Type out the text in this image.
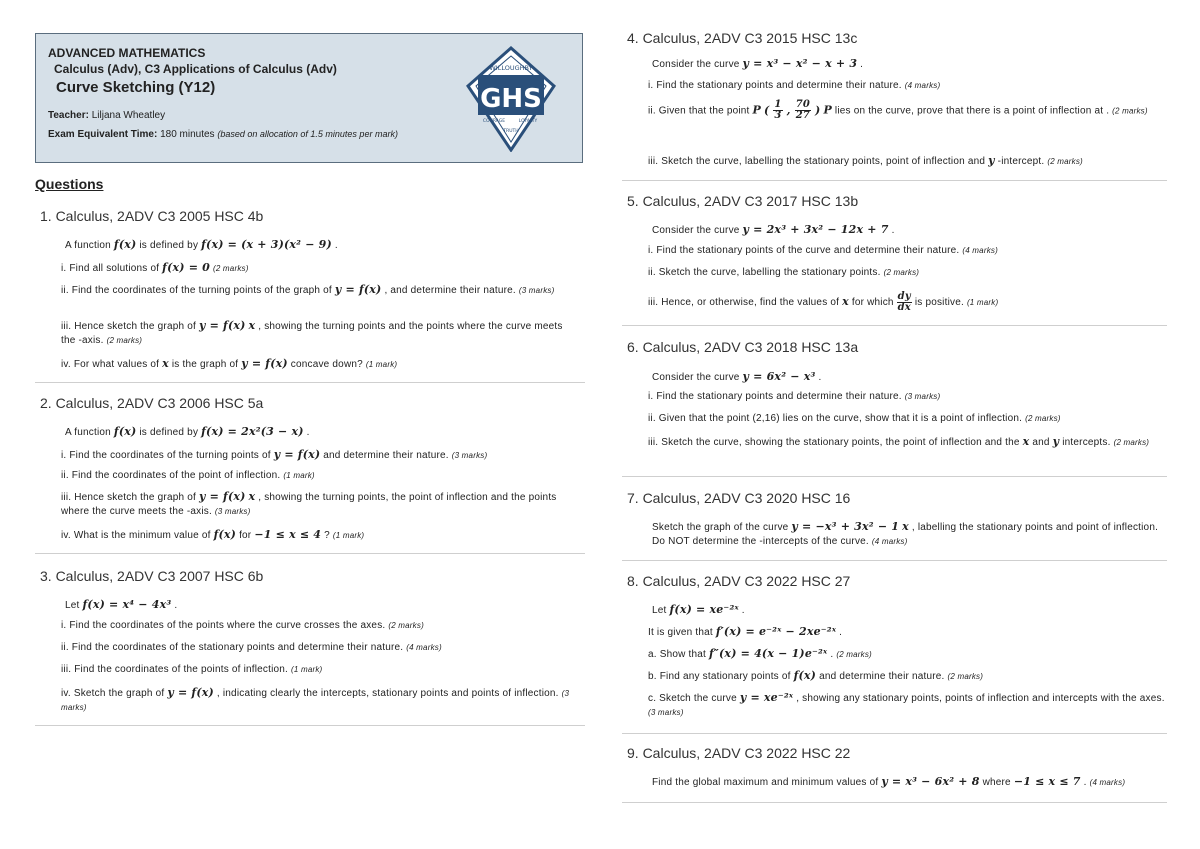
ADVANCED MATHEMATICS
Calculus (Adv), C3 Applications of Calculus (Adv)
Curve Sketching (Y12)
Teacher: Liljana Wheatley
Exam Equivalent Time: 180 minutes (based on allocation of 1.5 minutes per mark)
GHS
WILLOUGHBY
COURAGE	LOYALTY
TRUTH
Questions
1. Calculus, 2ADV C3 2005 HSC 4b
A function f(x) is defined by f(x) = (x + 3)(x² − 9) .
i. Find all solutions of f(x) = 0 (2 marks)
ii. Find the coordinates of the turning points of the graph of y = f(x) , and determine their nature. (3 marks)
iii. Hence sketch the graph of y = f(x) x , showing the turning points and the points where the curve meets the -axis. (2 marks)
iv. For what values of x is the graph of y = f(x) concave down? (1 mark)
2. Calculus, 2ADV C3 2006 HSC 5a
A function f(x) is defined by f(x) = 2x²(3 − x) .
i. Find the coordinates of the turning points of y = f(x) and determine their nature. (3 marks)
ii. Find the coordinates of the point of inflection. (1 mark)
iii. Hence sketch the graph of y = f(x) x , showing the turning points, the point of inflection and the points where the curve meets the -axis. (3 marks)
iv. What is the minimum value of f(x) for −1 ≤ x ≤ 4 ? (1 mark)
3. Calculus, 2ADV C3 2007 HSC 6b
Let f(x) = x⁴ − 4x³ .
i. Find the coordinates of the points where the curve crosses the axes. (2 marks)
ii. Find the coordinates of the stationary points and determine their nature. (4 marks)
iii. Find the coordinates of the points of inflection. (1 mark)
iv. Sketch the graph of y = f(x) , indicating clearly the intercepts, stationary points and points of inflection. (3 marks)
4. Calculus, 2ADV C3 2015 HSC 13c
Consider the curve y = x³ − x² − x + 3 .
i. Find the stationary points and determine their nature. (4 marks)
ii. Given that the point P ( $\frac{1}{3}$ , $\frac{70}{27}$ ) P lies on the curve, prove that there is a point of inflection at . (2 marks)
iii. Sketch the curve, labelling the stationary points, point of inflection and y -intercept. (2 marks)
5. Calculus, 2ADV C3 2017 HSC 13b
Consider the curve y = 2x³ + 3x² − 12x + 7 .
i. Find the stationary points of the curve and determine their nature. (4 marks)
ii. Sketch the curve, labelling the stationary points. (2 marks)
iii. Hence, or otherwise, find the values of x for which $\frac{dy}{dx}$ is positive. (1 mark)
6. Calculus, 2ADV C3 2018 HSC 13a
Consider the curve y = 6x² − x³ .
i. Find the stationary points and determine their nature. (3 marks)
ii. Given that the point (2,16) lies on the curve, show that it is a point of inflection. (2 marks)
iii. Sketch the curve, showing the stationary points, the point of inflection and the x and y intercepts. (2 marks)
7. Calculus, 2ADV C3 2020 HSC 16
Sketch the graph of the curve y = −x³ + 3x² − 1 x , labelling the stationary points and point of inflection. Do NOT determine the -intercepts of the curve. (4 marks)
8. Calculus, 2ADV C3 2022 HSC 27
Let f(x) = xe⁻²ˣ .
It is given that f′(x) = e⁻²ˣ − 2xe⁻²ˣ .
a. Show that f″(x) = 4(x − 1)e⁻²ˣ . (2 marks)
b. Find any stationary points of f(x) and determine their nature. (2 marks)
c. Sketch the curve y = xe⁻²ˣ , showing any stationary points, points of inflection and intercepts with the axes. (3 marks)
9. Calculus, 2ADV C3 2022 HSC 22
Find the global maximum and minimum values of y = x³ − 6x² + 8 where −1 ≤ x ≤ 7 . (4 marks)
